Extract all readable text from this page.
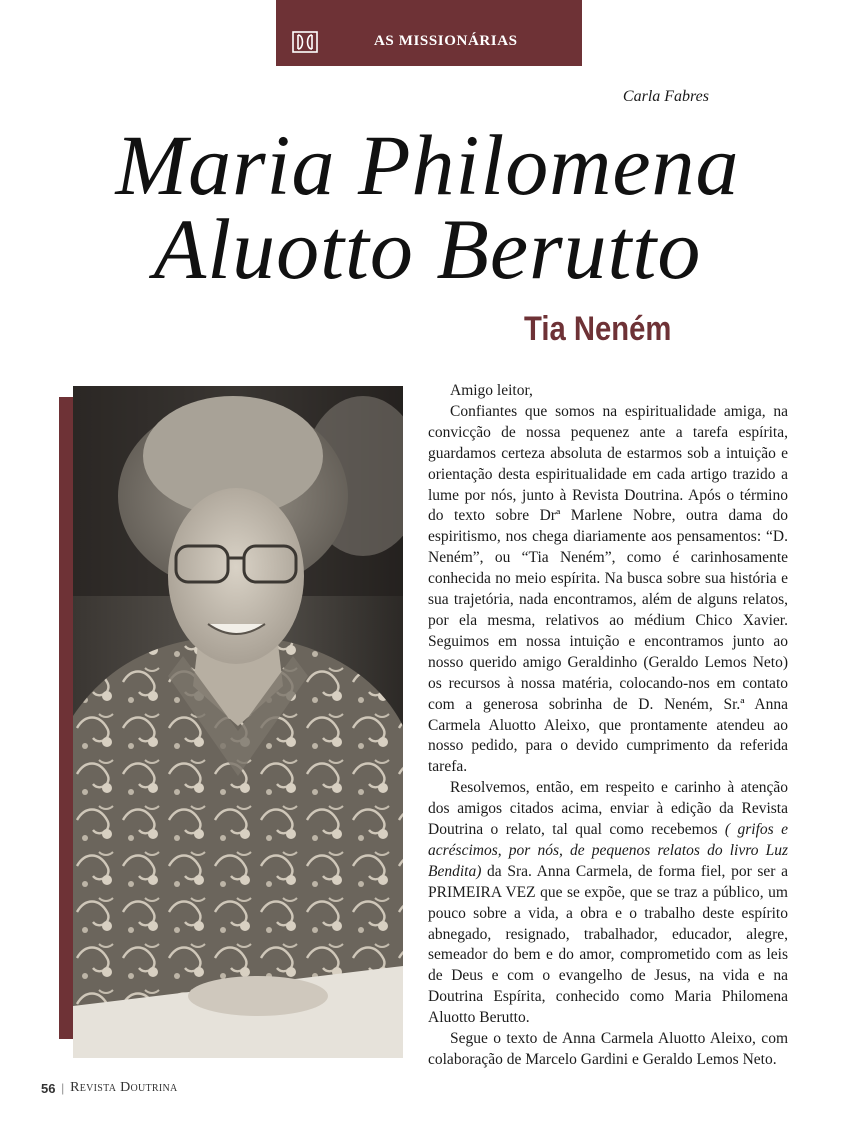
AS MISSIONÁRIAS
Carla Fabres
Maria Philomena
Aluotto Berutto
Tia Neném

Amigo leitor,

Confiantes que somos na espiritualidade amiga, na convicção de nossa pequenez ante a tarefa espírita, guardamos certeza absoluta de estarmos sob a intuição e orientação desta espiritualidade em cada artigo trazido a lume por nós, junto à Revista Doutrina. Após o término do texto sobre Drª Marlene Nobre, outra dama do espiritismo, nos chega diariamente aos pensamentos: “D. Neném”, ou “Tia Neném”, como é carinhosamente conhecida no meio espírita. Na busca sobre sua história e sua trajetória, nada encontramos, além de alguns relatos, por ela mesma, relativos ao médium Chico Xavier. Seguimos em nossa intuição e encontramos junto ao nosso querido amigo Geraldinho (Geraldo Lemos Neto) os recursos à nossa matéria, colocando-nos em contato com a generosa sobrinha de D. Neném, Sr.ª Anna Carmela Aluotto Aleixo, que prontamente atendeu ao nosso pedido, para o devido cumprimento da referida tarefa.

Resolvemos, então, em respeito e carinho à atenção dos amigos citados acima, enviar à edição da Revista Doutrina o relato, tal qual como recebemos ( grifos e acréscimos, por nós, de pequenos relatos do livro Luz Bendita) da Sra. Anna Carmela, de forma fiel, por ser a PRIMEIRA VEZ que se expõe, que se traz a público, um pouco sobre a vida, a obra e o trabalho deste espírito abnegado, resignado, trabalhador, educador, alegre, semeador do bem e do amor, comprometido com as leis de Deus e com o evangelho de Jesus, na vida e na Doutrina Espírita, conhecido como Maria Philomena Aluotto Berutto.

Segue o texto de Anna Carmela Aluotto Aleixo, com colaboração de Marcelo Gardini e Geraldo Lemos Neto.

56 | Revista Doutrina
